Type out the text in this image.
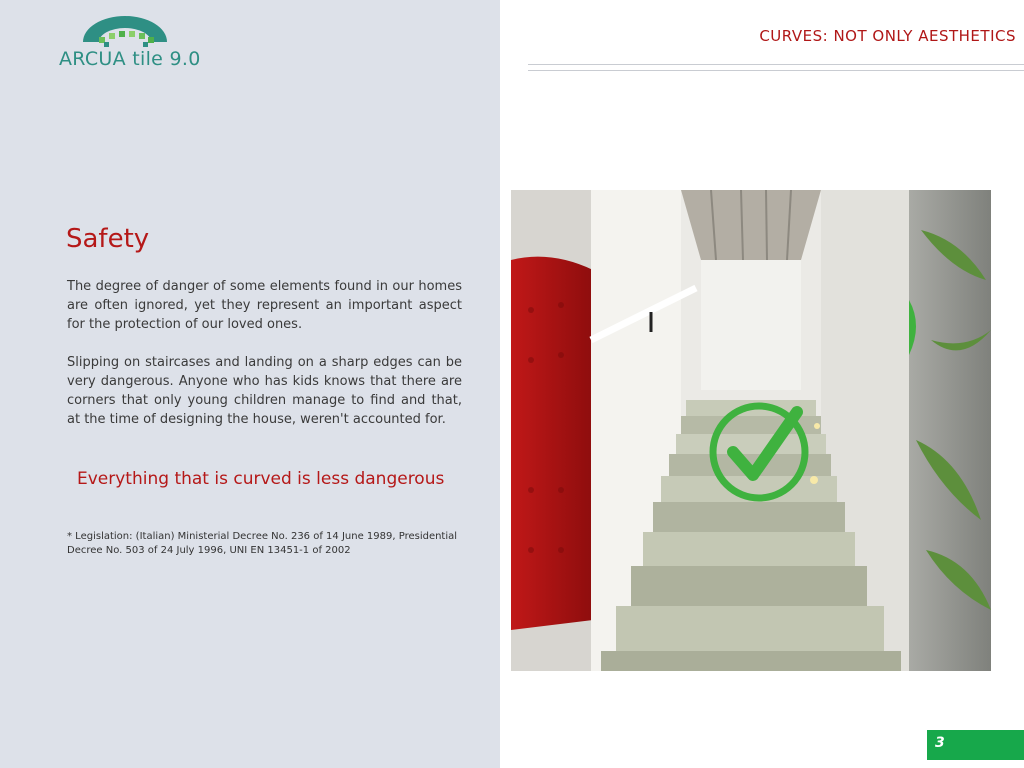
ARCUA tile 9.0
CURVES: NOT ONLY AESTHETICS
Safety
The degree of danger of some elements found in our homes are often ignored, yet they represent an important aspect for the protection of our loved ones.
Slipping on staircases and landing on a sharp edges can be very dangerous. Anyone who has kids knows that there are corners that only young children manage to find and that, at the time of designing the house, weren't accounted for.
Everything that is curved is less dangerous
* Legislation: (Italian) Ministerial Decree No. 236 of 14 June 1989, Presidential Decree No. 503 of 24 July 1996, UNI EN 13451-1 of 2002
3
